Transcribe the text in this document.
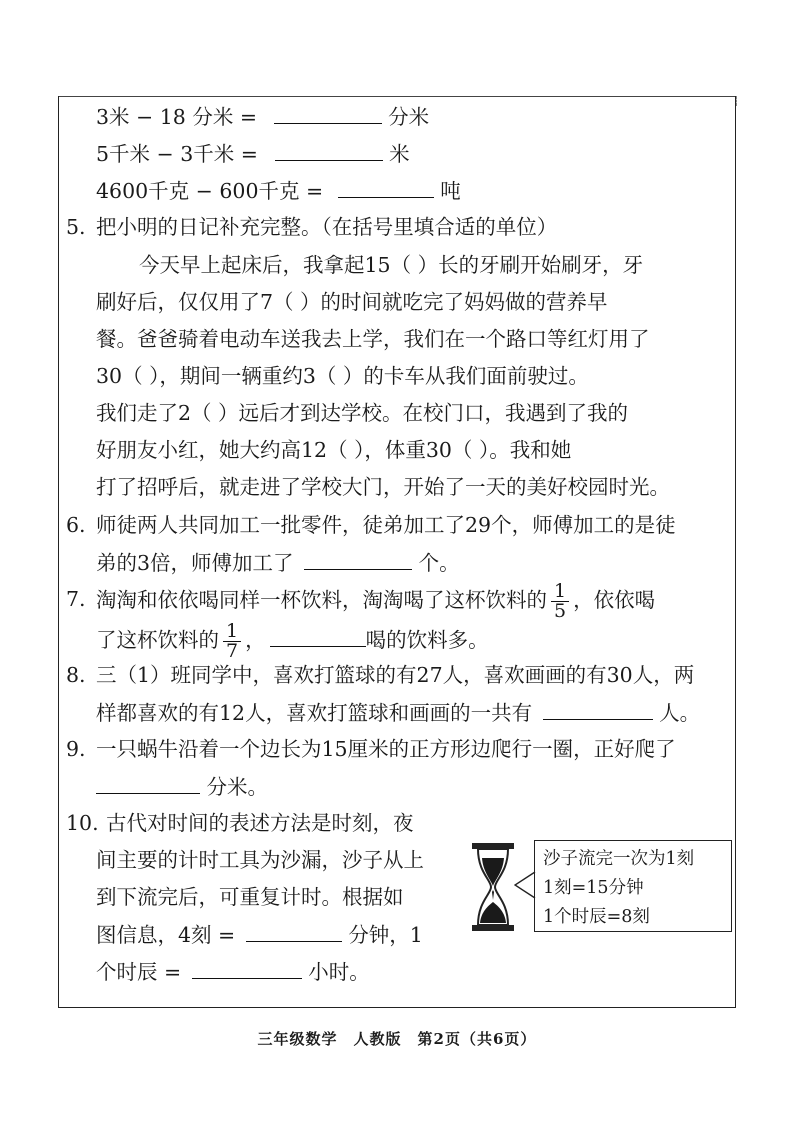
3米 − 18 分米 =	分米
5千米 − 3千米 =	米
4600千克 − 600千克 =	吨
5. 把小明的日记补充完整。（在括号里填合适的单位）
今天早上起床后，我拿起15（ ）长的牙刷开始刷牙，牙
刷好后，仅仅用了7（ ）的时间就吃完了妈妈做的营养早
餐。爸爸骑着电动车送我去上学，我们在一个路口等红灯用了
30（ ），期间一辆重约3（ ）的卡车从我们面前驶过。
我们走了2（ ）远后才到达学校。在校门口，我遇到了我的
好朋友小红，她大约高12（ ），体重30（ ）。我和她
打了招呼后，就走进了学校大门，开始了一天的美好校园时光。
6. 师徒两人共同加工一批零件，徒弟加工了29个，师傅加工的是徒
弟的3倍，师傅加工了	个。
7. 淘淘和依依喝同样一杯饮料，淘淘喝了这杯饮料的 $\frac{1}{5}$ ，依依喝
了这杯饮料的 $\frac{1}{7}$ ，	喝的饮料多。
8. 三（1）班同学中，喜欢打篮球的有27人，喜欢画画的有30人，两
样都喜欢的有12人，喜欢打篮球和画画的一共有	人。
9. 一只蜗牛沿着一个边长为15厘米的正方形边爬行一圈，正好爬了
分米。
10. 古代对时间的表述方法是时刻，夜
间主要的计时工具为沙漏，沙子从上
到下流完后，可重复计时。根据如
图信息，4刻 =	分钟，1
个时辰 =	小时。
沙子流完一次为1刻
1刻=15分钟
1个时辰=8刻
三年级数学　人教版　第2页（共6页）
